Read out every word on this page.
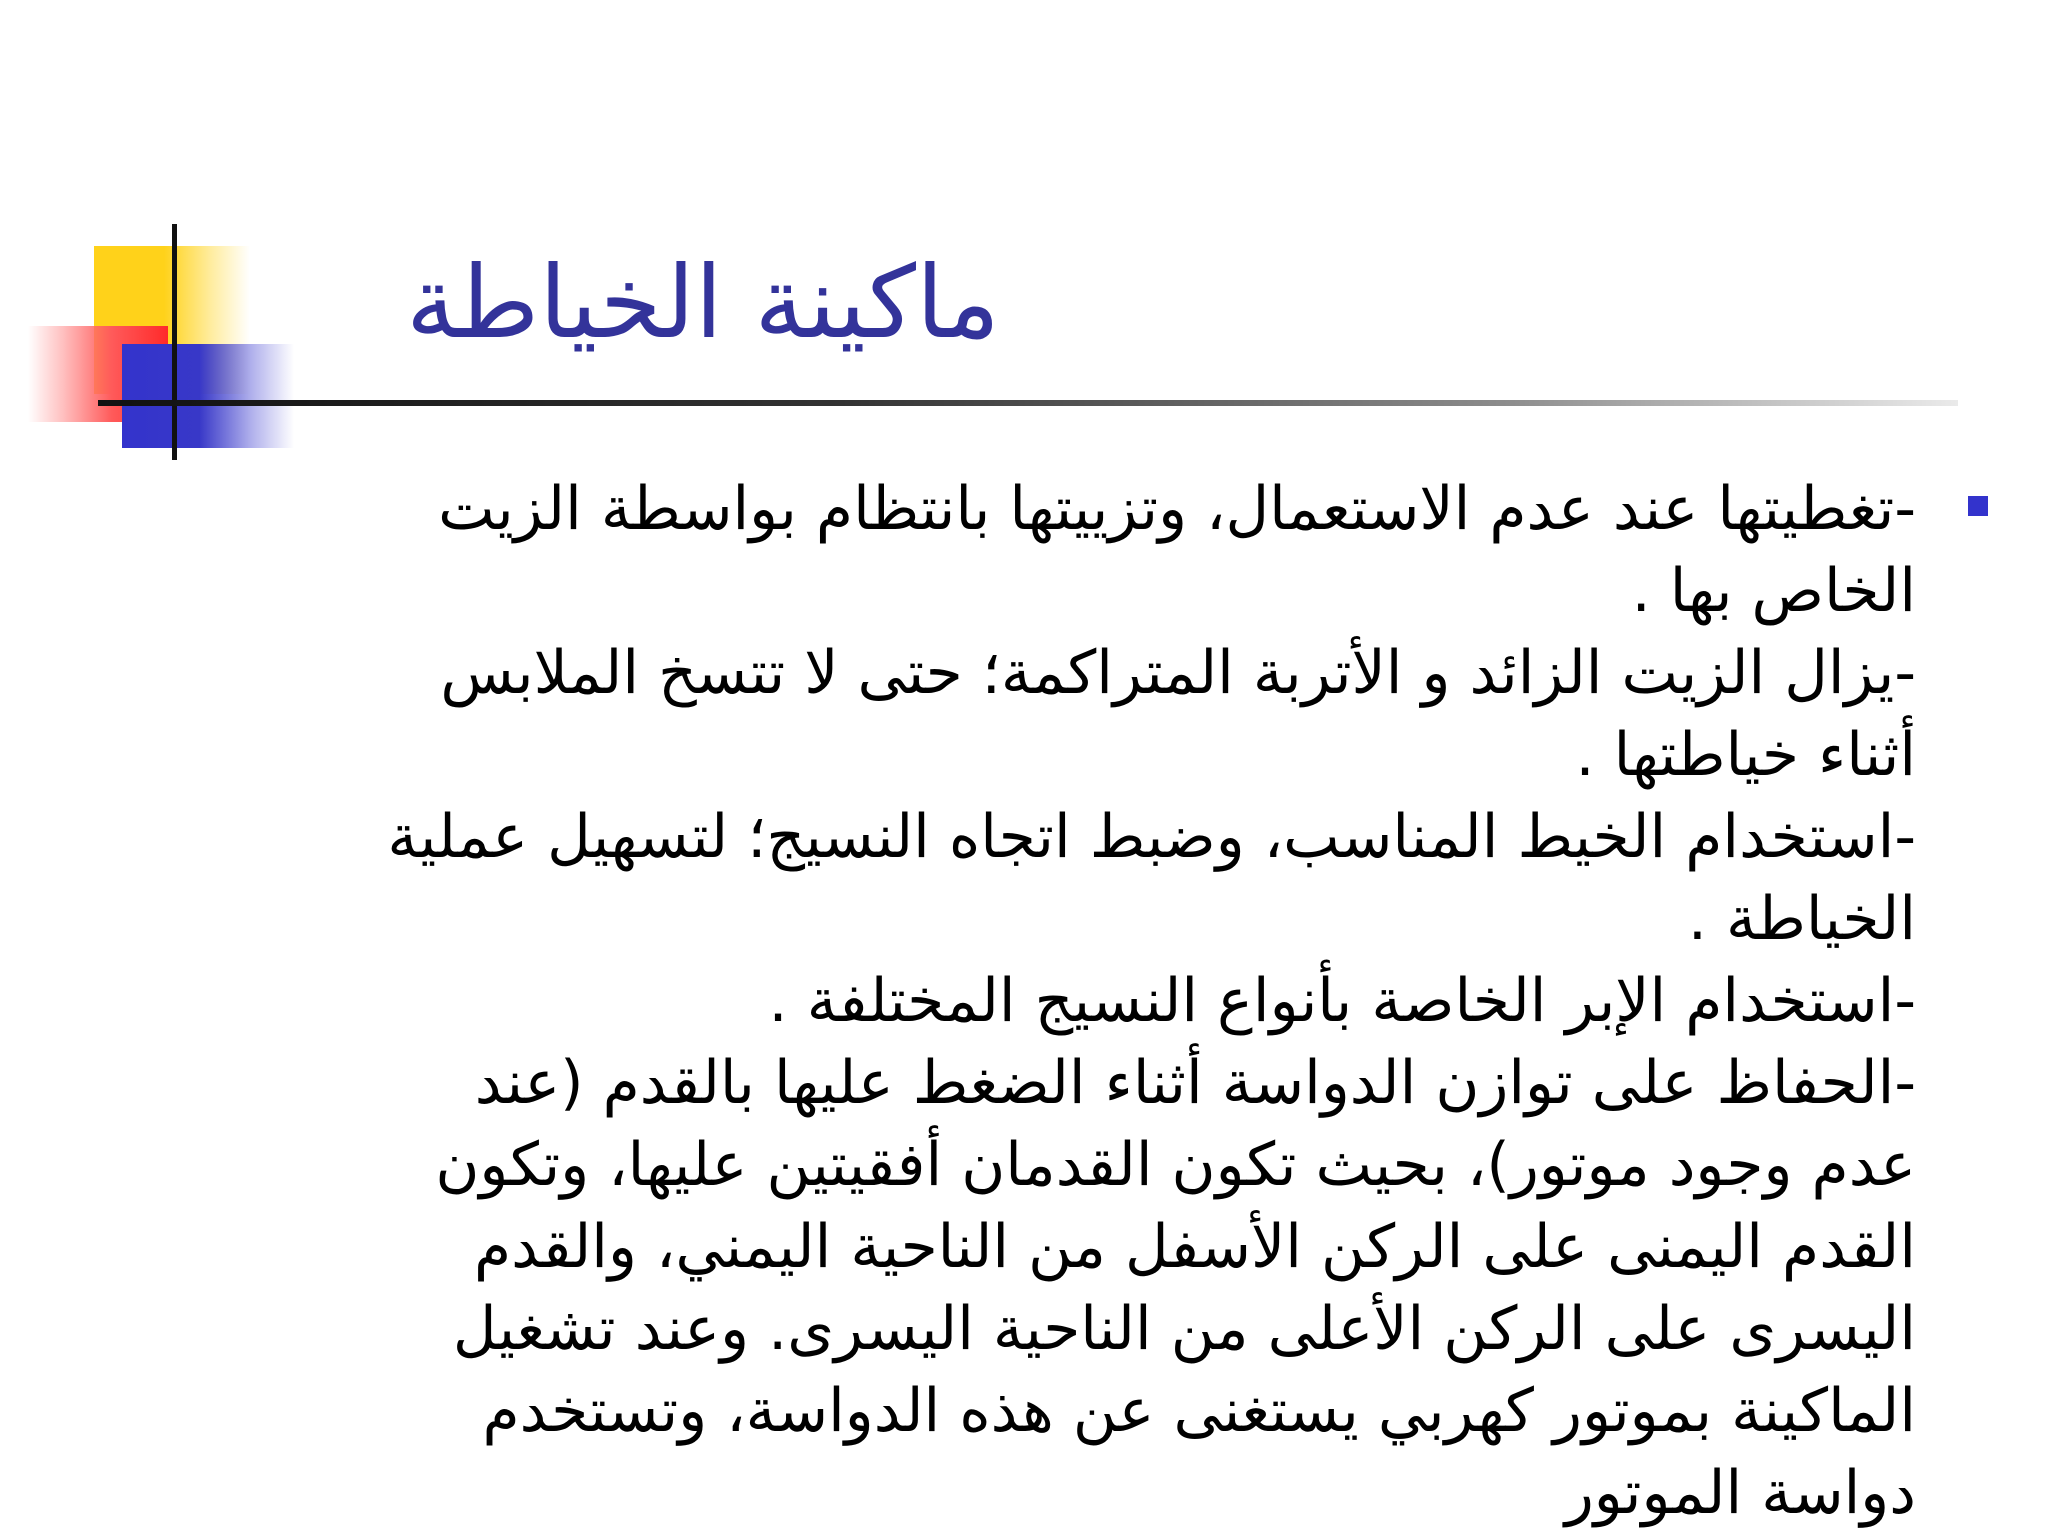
ماكينة الخياطة
-تغطيتها عند عدم الاستعمال، وتزييتها بانتظام بواسطة الزيت
الخاص بها .
-يزال الزيت الزائد و الأتربة المتراكمة؛ حتى لا تتسخ الملابس
أثناء خياطتها .
-استخدام الخيط المناسب، وضبط اتجاه النسيج؛ لتسهيل عملية
الخياطة .
-استخدام الإبر الخاصة بأنواع النسيج المختلفة .
-الحفاظ على توازن الدواسة أثناء الضغط عليها بالقدم (عند
عدم وجود موتور)، بحيث تكون القدمان أفقيتين عليها، وتكون
القدم اليمنى على الركن الأسفل من الناحية اليمني، والقدم
اليسرى على الركن الأعلى من الناحية اليسرى. وعند تشغيل
الماكينة بموتور كهربي يستغنى عن هذه الدواسة، وتستخدم
دواسة الموتور
